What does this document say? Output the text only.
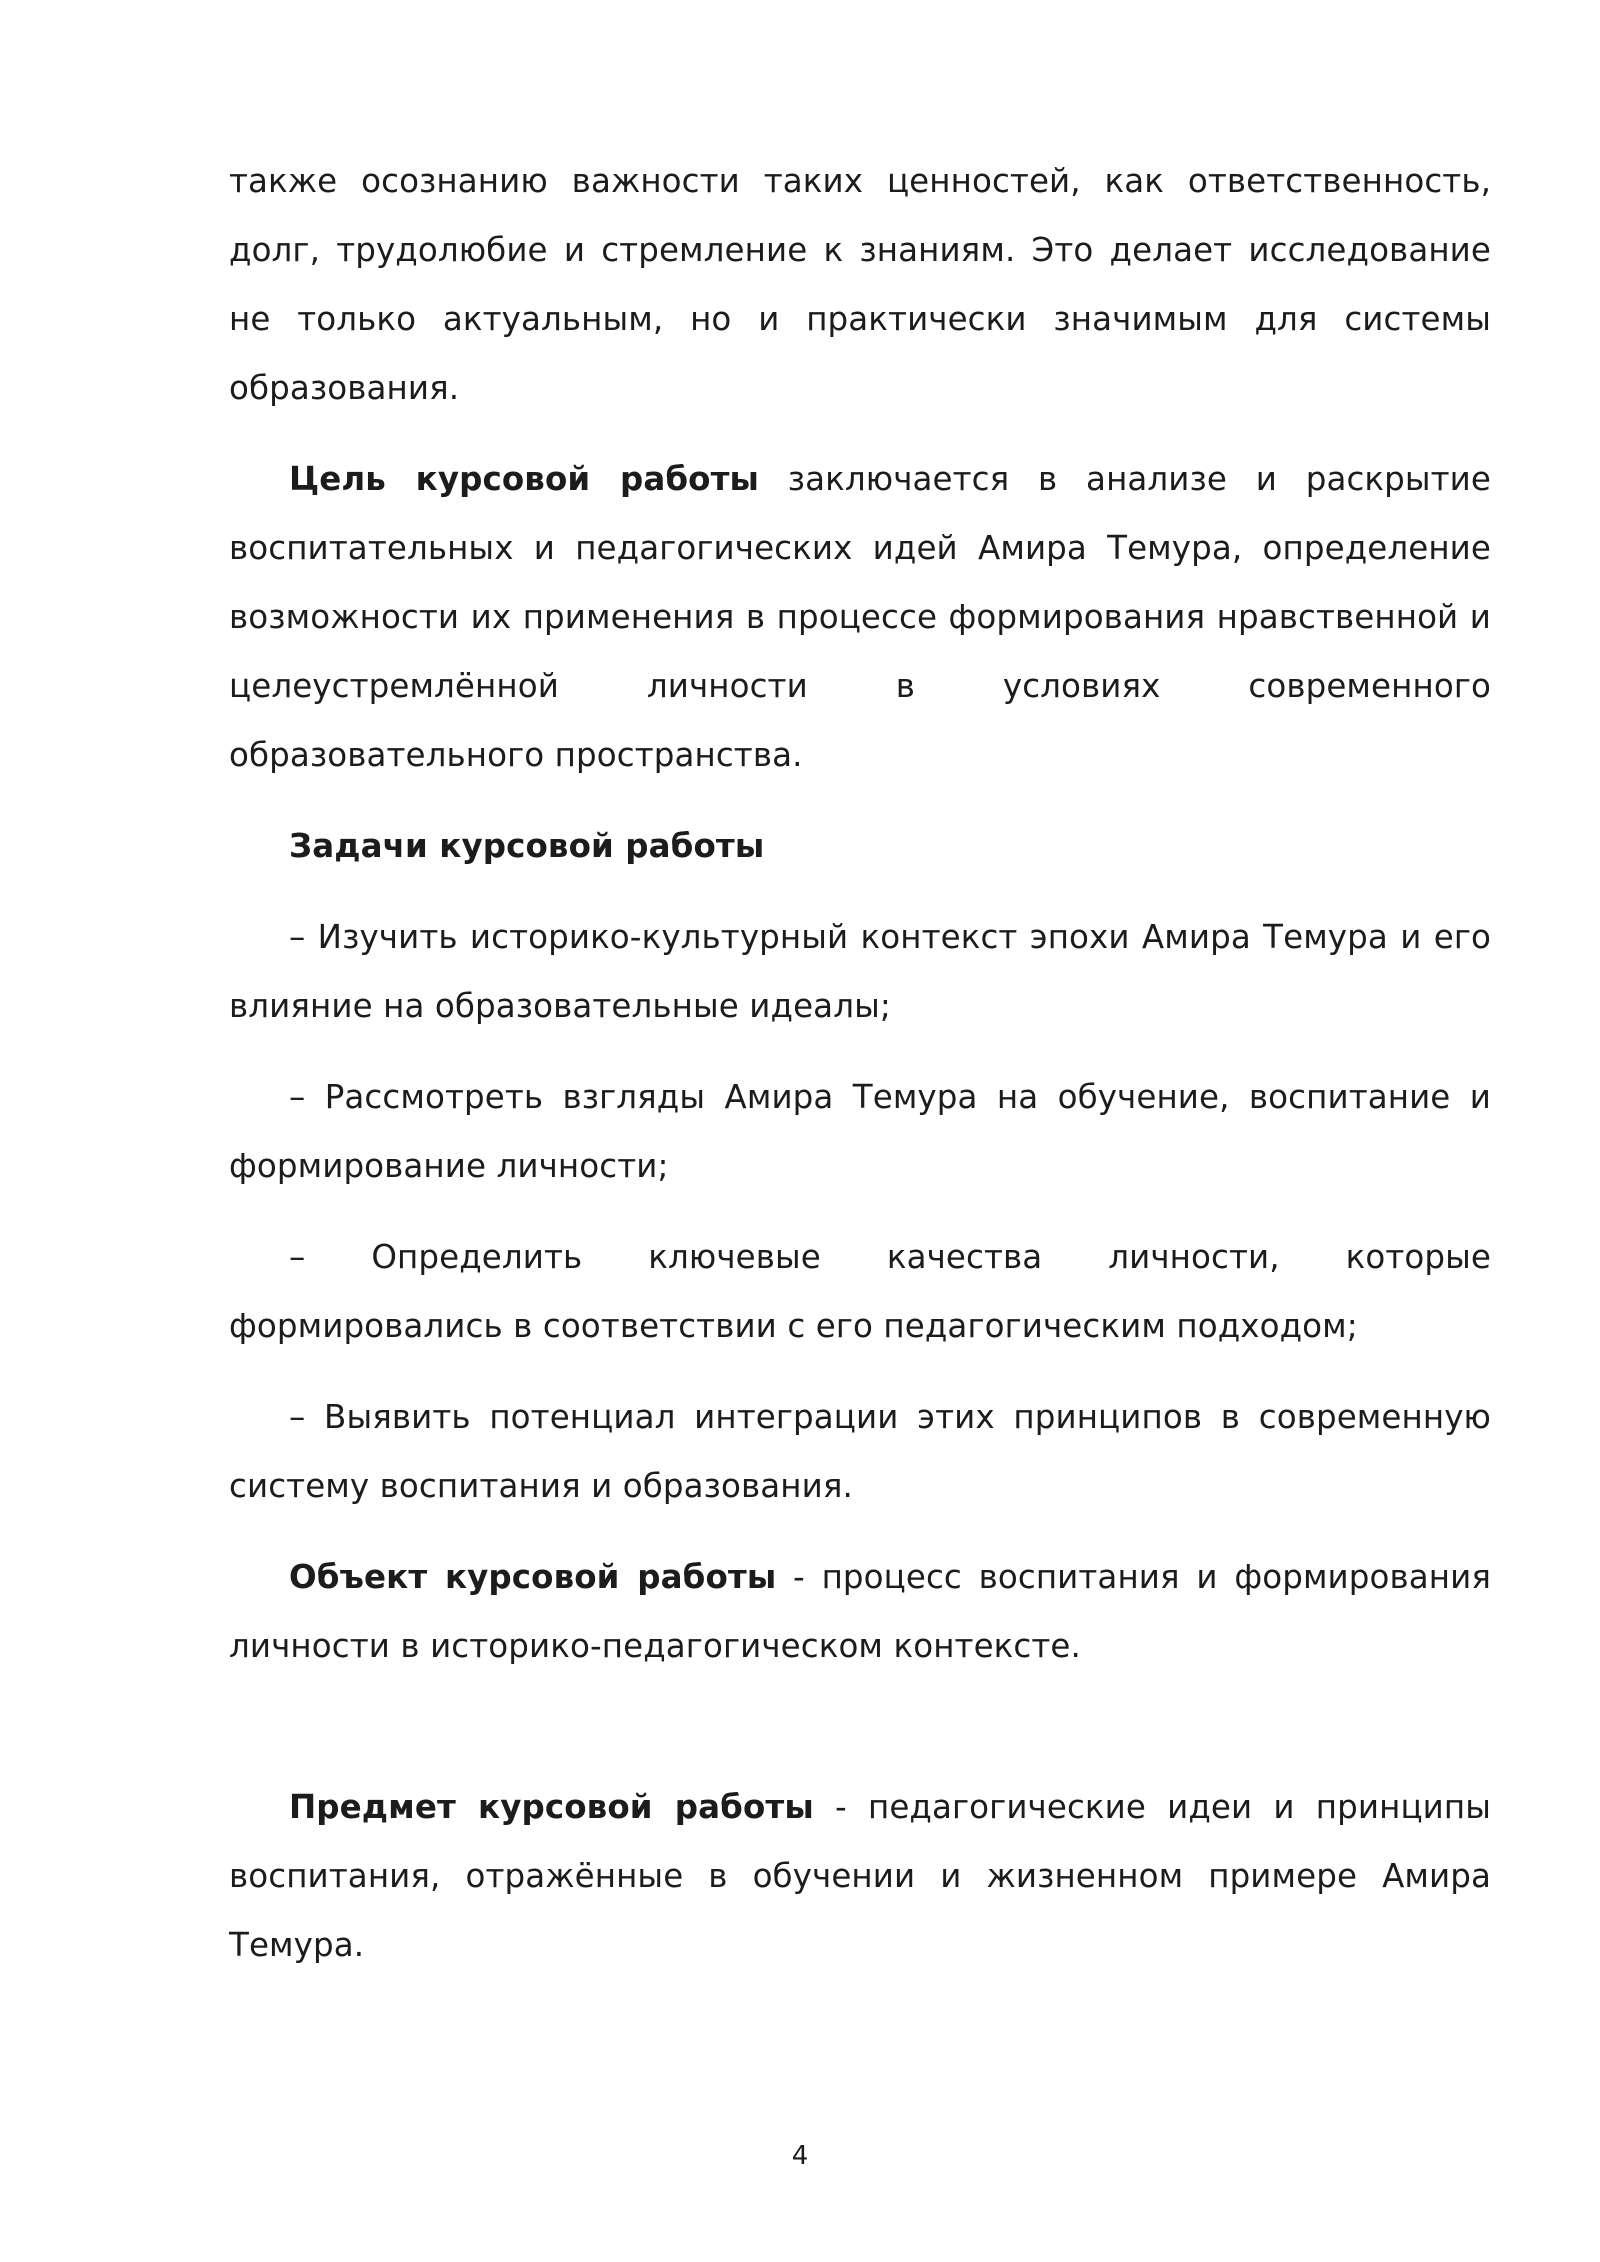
также осознанию важности таких ценностей, как ответственность, долг, трудолюбие и стремление к знаниям. Это делает исследование не только актуальным, но и практически значимым для системы образования.

Цель курсовой работы заключается в анализе и раскрытие воспитательных и педагогических идей Амира Темура, определение возможности их применения в процессе формирования нравственной и целеустремлённой личности в условиях современного образовательного пространства.

Задачи курсовой работы

– Изучить историко-культурный контекст эпохи Амира Темура и его влияние на образовательные идеалы;

– Рассмотреть взгляды Амира Темура на обучение, воспитание и формирование личности;

– Определить ключевые качества личности, которые формировались в соответствии с его педагогическим подходом;

– Выявить потенциал интеграции этих принципов в современную систему воспитания и образования.

Объект курсовой работы - процесс воспитания и формирования личности в историко-педагогическом контексте.

Предмет курсовой работы - педагогические идеи и принципы воспитания, отражённые в обучении и жизненном примере Амира Темура.

4
